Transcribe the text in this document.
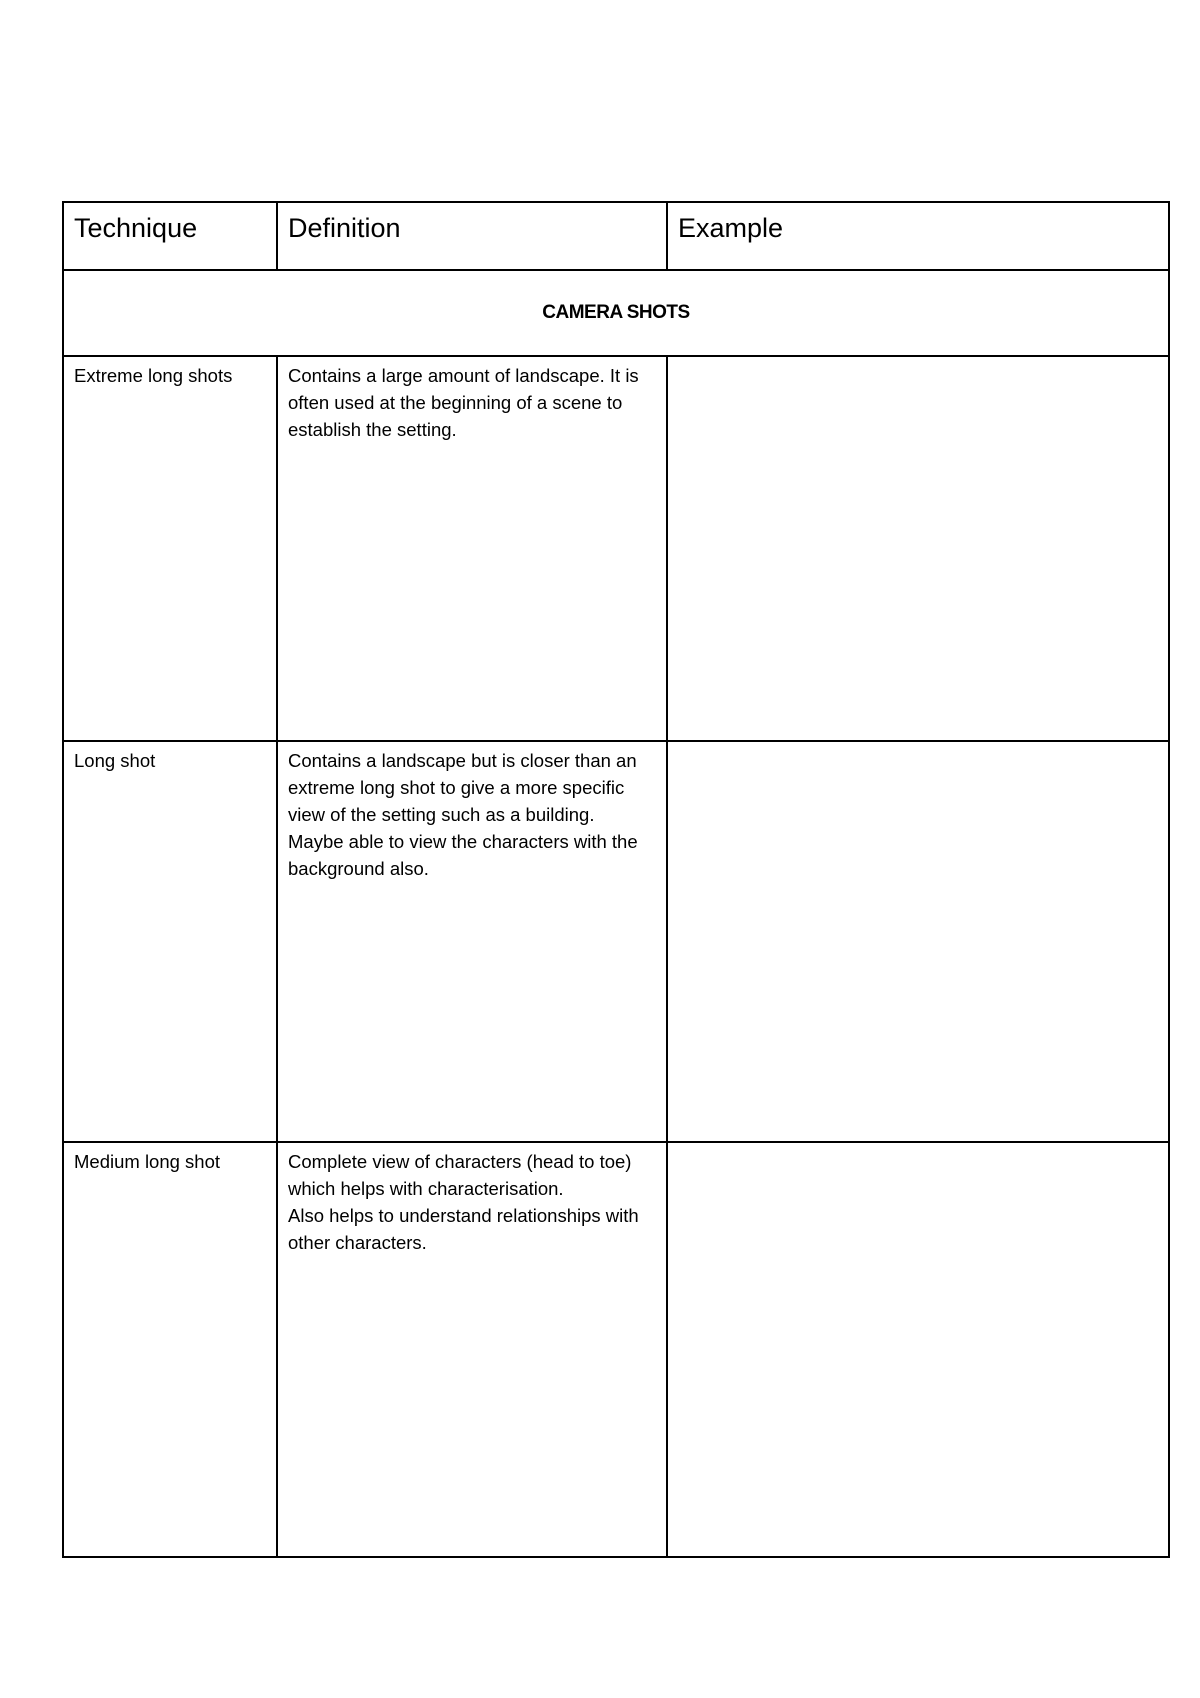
Technique	Definition	Example
CAMERA SHOTS		
Extreme long shots	Contains a large amount of landscape. It is often used at the beginning of a scene to establish the setting.	

Long shot	Contains a landscape but is closer than an extreme long shot to give a more specific view of the setting such as a building.
Maybe able to view the characters with the background also.	

Medium long shot	Complete view of characters (head to toe) which helps with characterisation.
Also helps to understand relationships with other characters.	
